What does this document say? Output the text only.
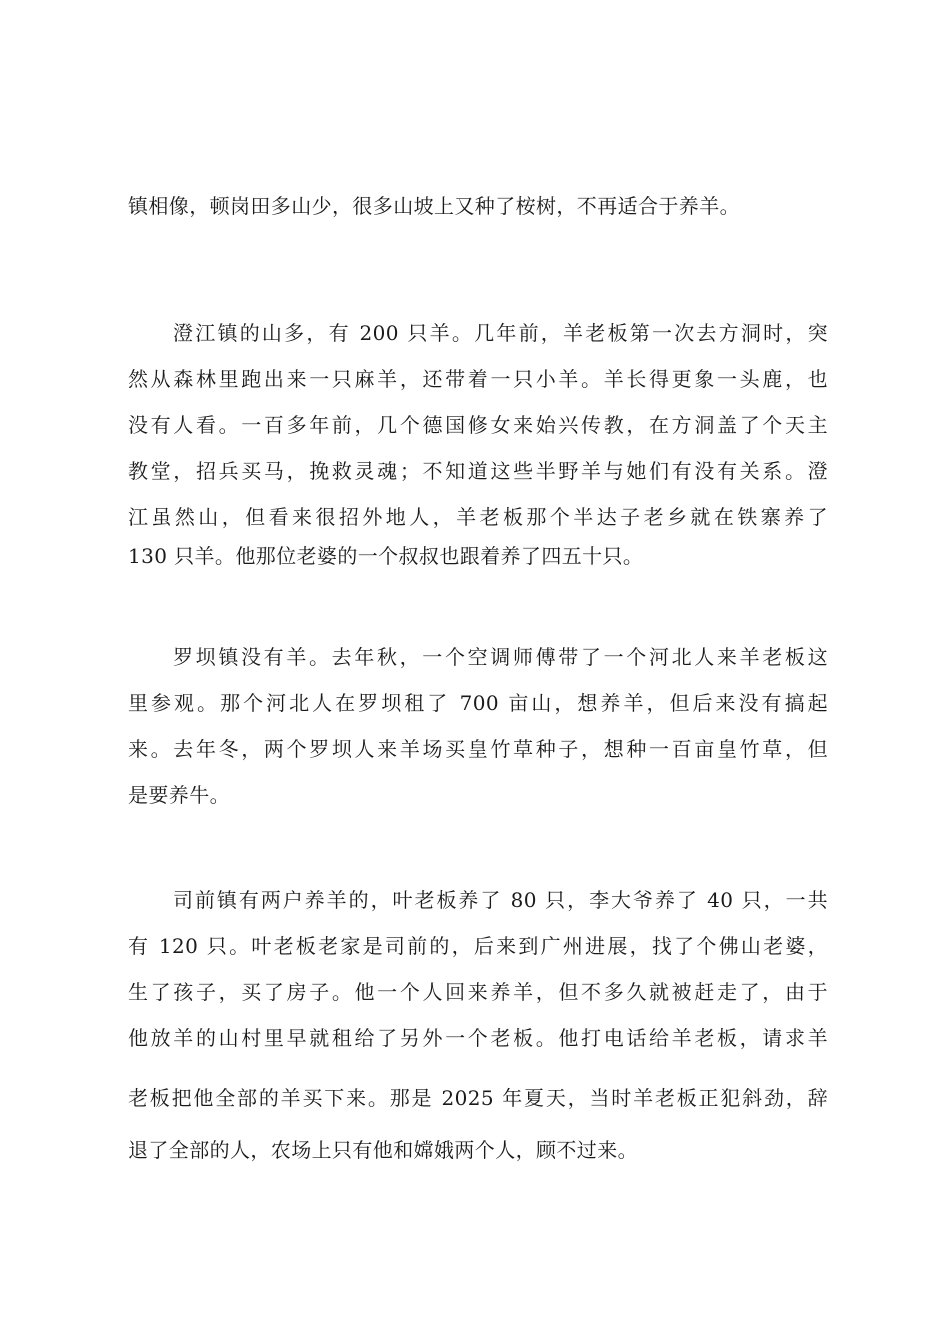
镇相像，顿岗田多山少，很多山坡上又种了桉树，不再适合于养羊。
澄江镇的山多，有 200 只羊。几年前，羊老板第一次去方洞时，突
然从森林里跑出来一只麻羊，还带着一只小羊。羊长得更象一头鹿，也
没有人看。一百多年前，几个德国修女来始兴传教，在方洞盖了个天主
教堂，招兵买马，挽救灵魂；不知道这些半野羊与她们有没有关系。澄
江虽然山，但看来很招外地人，羊老板那个半达子老乡就在铁寨养了
130 只羊。他那位老婆的一个叔叔也跟着养了四五十只。
罗坝镇没有羊。去年秋，一个空调师傅带了一个河北人来羊老板这
里参观。那个河北人在罗坝租了 700 亩山，想养羊，但后来没有搞起
来。去年冬，两个罗坝人来羊场买皇竹草种子，想种一百亩皇竹草，但
是要养牛。
司前镇有两户养羊的，叶老板养了 80 只，李大爷养了 40 只，一共
有 120 只。叶老板老家是司前的，后来到广州进展，找了个佛山老婆，
生了孩子，买了房子。他一个人回来养羊，但不多久就被赶走了，由于
他放羊的山村里早就租给了另外一个老板。他打电话给羊老板，请求羊
老板把他全部的羊买下来。那是 2025 年夏天，当时羊老板正犯斜劲，辞
退了全部的人，农场上只有他和嫦娥两个人，顾不过来。
